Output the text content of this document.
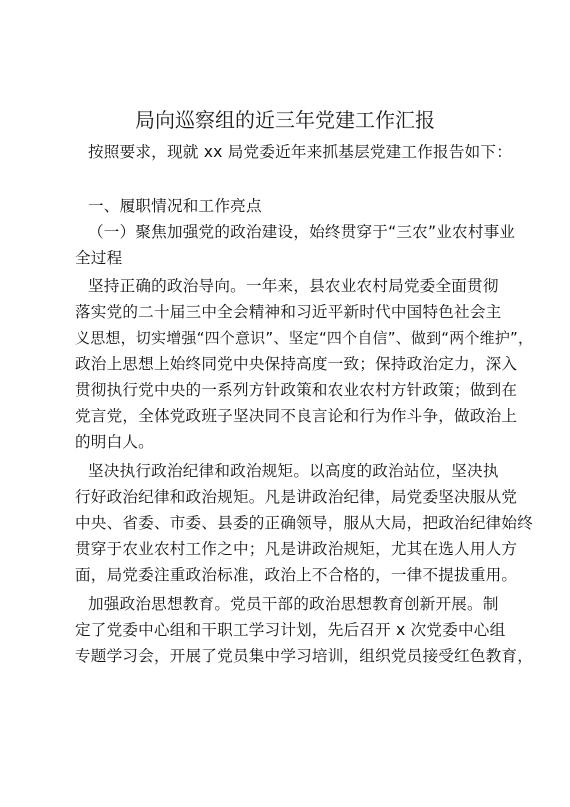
局向巡察组的近三年党建工作汇报
按照要求，现就 xx 局党委近年来抓基层党建工作报告如下：
一、履职情况和工作亮点
（一）聚焦加强党的政治建设，始终贯穿于“三农”业农村事业
全过程
坚持正确的政治导向。一年来，县农业农村局党委全面贯彻
落实党的二十届三中全会精神和习近平新时代中国特色社会主
义思想，切实增强“四个意识”、坚定“四个自信”、做到“两个维护”，
政治上思想上始终同党中央保持高度一致；保持政治定力，深入
贯彻执行党中央的一系列方针政策和农业农村方针政策；做到在
党言党，全体党政班子坚决同不良言论和行为作斗争，做政治上
的明白人。
坚决执行政治纪律和政治规矩。以高度的政治站位，坚决执
行好政治纪律和政治规矩。凡是讲政治纪律，局党委坚决服从党
中央、省委、市委、县委的正确领导，服从大局，把政治纪律始终
贯穿于农业农村工作之中；凡是讲政治规矩，尤其在选人用人方
面，局党委注重政治标准，政治上不合格的，一律不提拔重用。
加强政治思想教育。党员干部的政治思想教育创新开展。制
定了党委中心组和干职工学习计划，先后召开 x 次党委中心组
专题学习会，开展了党员集中学习培训，组织党员接受红色教育，
